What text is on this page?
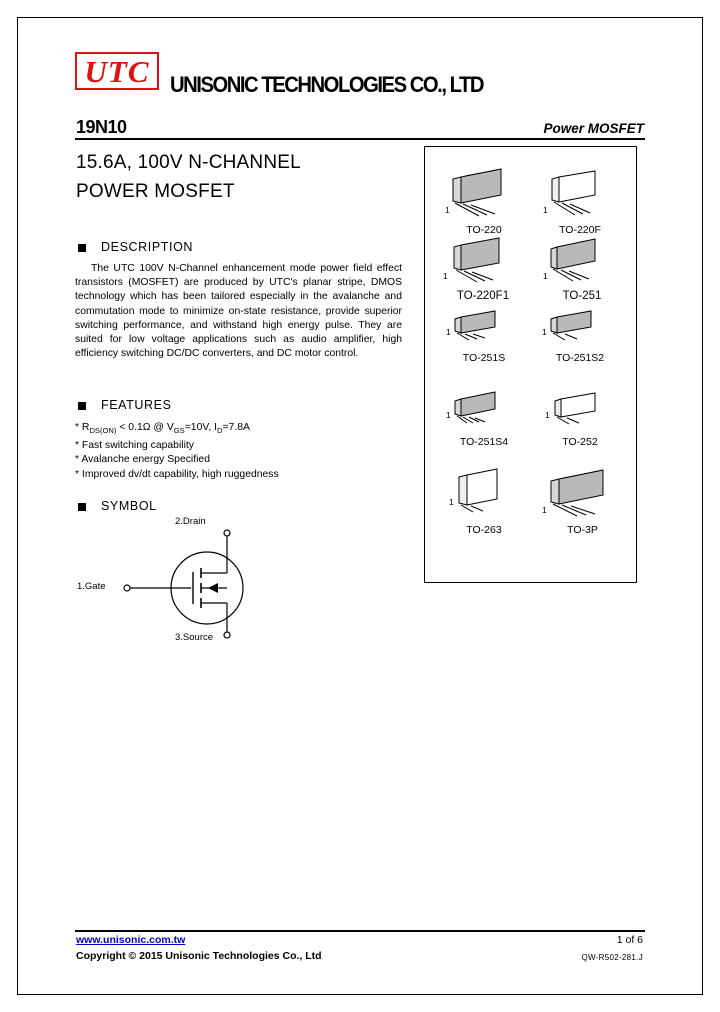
UTC UNISONIC TECHNOLOGIES CO., LTD
19N10	Power MOSFET
15.6A, 100V N-CHANNEL
POWER MOSFET
DESCRIPTION
The UTC 100V N-Channel enhancement mode power field effect transistors (MOSFET) are produced by UTC's planar stripe, DMOS technology which has been tailored especially in the avalanche and commutation mode to minimize on-state resistance, provide superior switching performance, and withstand high energy pulse. They are suited for low voltage applications such as audio amplifier, high efficiency switching DC/DC converters, and DC motor control.
FEATURES
* $R_{DS(ON)} < 0.1\Omega$ @ $V_{GS}=10V$, $I_D=7.8A$
* Fast switching capability
* Avalanche energy Specified
* Improved dv/dt capability, high ruggedness
SYMBOL
2.Drain
1.Gate
3.Source
TO-220
1
TO-220F
1
TO-220F1
1
TO-251
1
TO-251S
1
TO-251S2
1
TO-251S4
1
TO-252
1
TO-263
1
TO-3P
1
www.unisonic.com.tw
Copyright © 2015 Unisonic Technologies Co., Ltd
1 of 6
QW-R502-281.J
